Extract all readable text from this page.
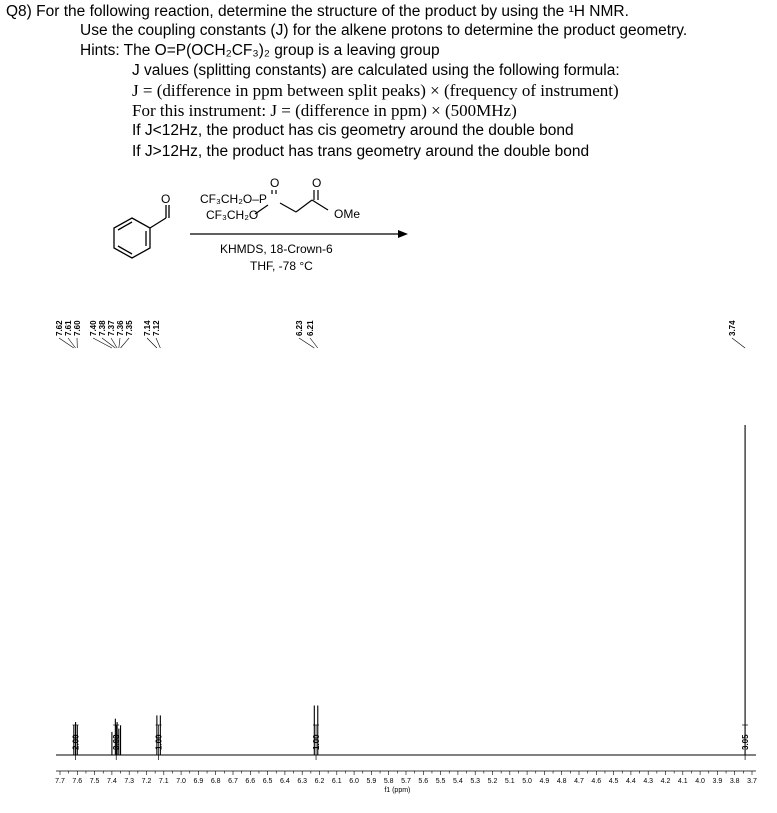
Q8) For the following reaction, determine the structure of the product by using the ¹H NMR.
Use the coupling constants (J) for the alkene protons to determine the product geometry.
Hints: The O=P(OCH₂CF₃)₂ group is a leaving group
J values (splitting constants) are calculated using the following formula:
J = (difference in ppm between split peaks) × (frequency of instrument)
For this instrument: J = (difference in ppm) × (500MHz)
If J<12Hz, the product has cis geometry around the double bond
If J>12Hz, the product has trans geometry around the double bond
O CF₃CH₂O–P
CF₃CH₂O
O	O
OMe
KHMDS, 18-Crown-6
THF, -78 °C
7.7 7.6 7.5 7.4 7.3 7.2 7.1 7.0 6.9 6.8 6.7 6.6 6.5 6.4 6.3 6.2 6.1 6.0 5.9 5.8 5.7 5.6 5.5 5.4 5.3 5.2 5.1 5.0 4.9 4.8 4.7 4.6 4.5 4.4 4.3 4.2 4.1 4.0 3.9 3.8 3.7
f1 (ppm)
2.00	3.03	1.00	1.00	3.05
7.62 7.61 7.60 7.40 7.38 7.37 7.36 7.35 7.14 7.12	6.23 6.21	3.74
